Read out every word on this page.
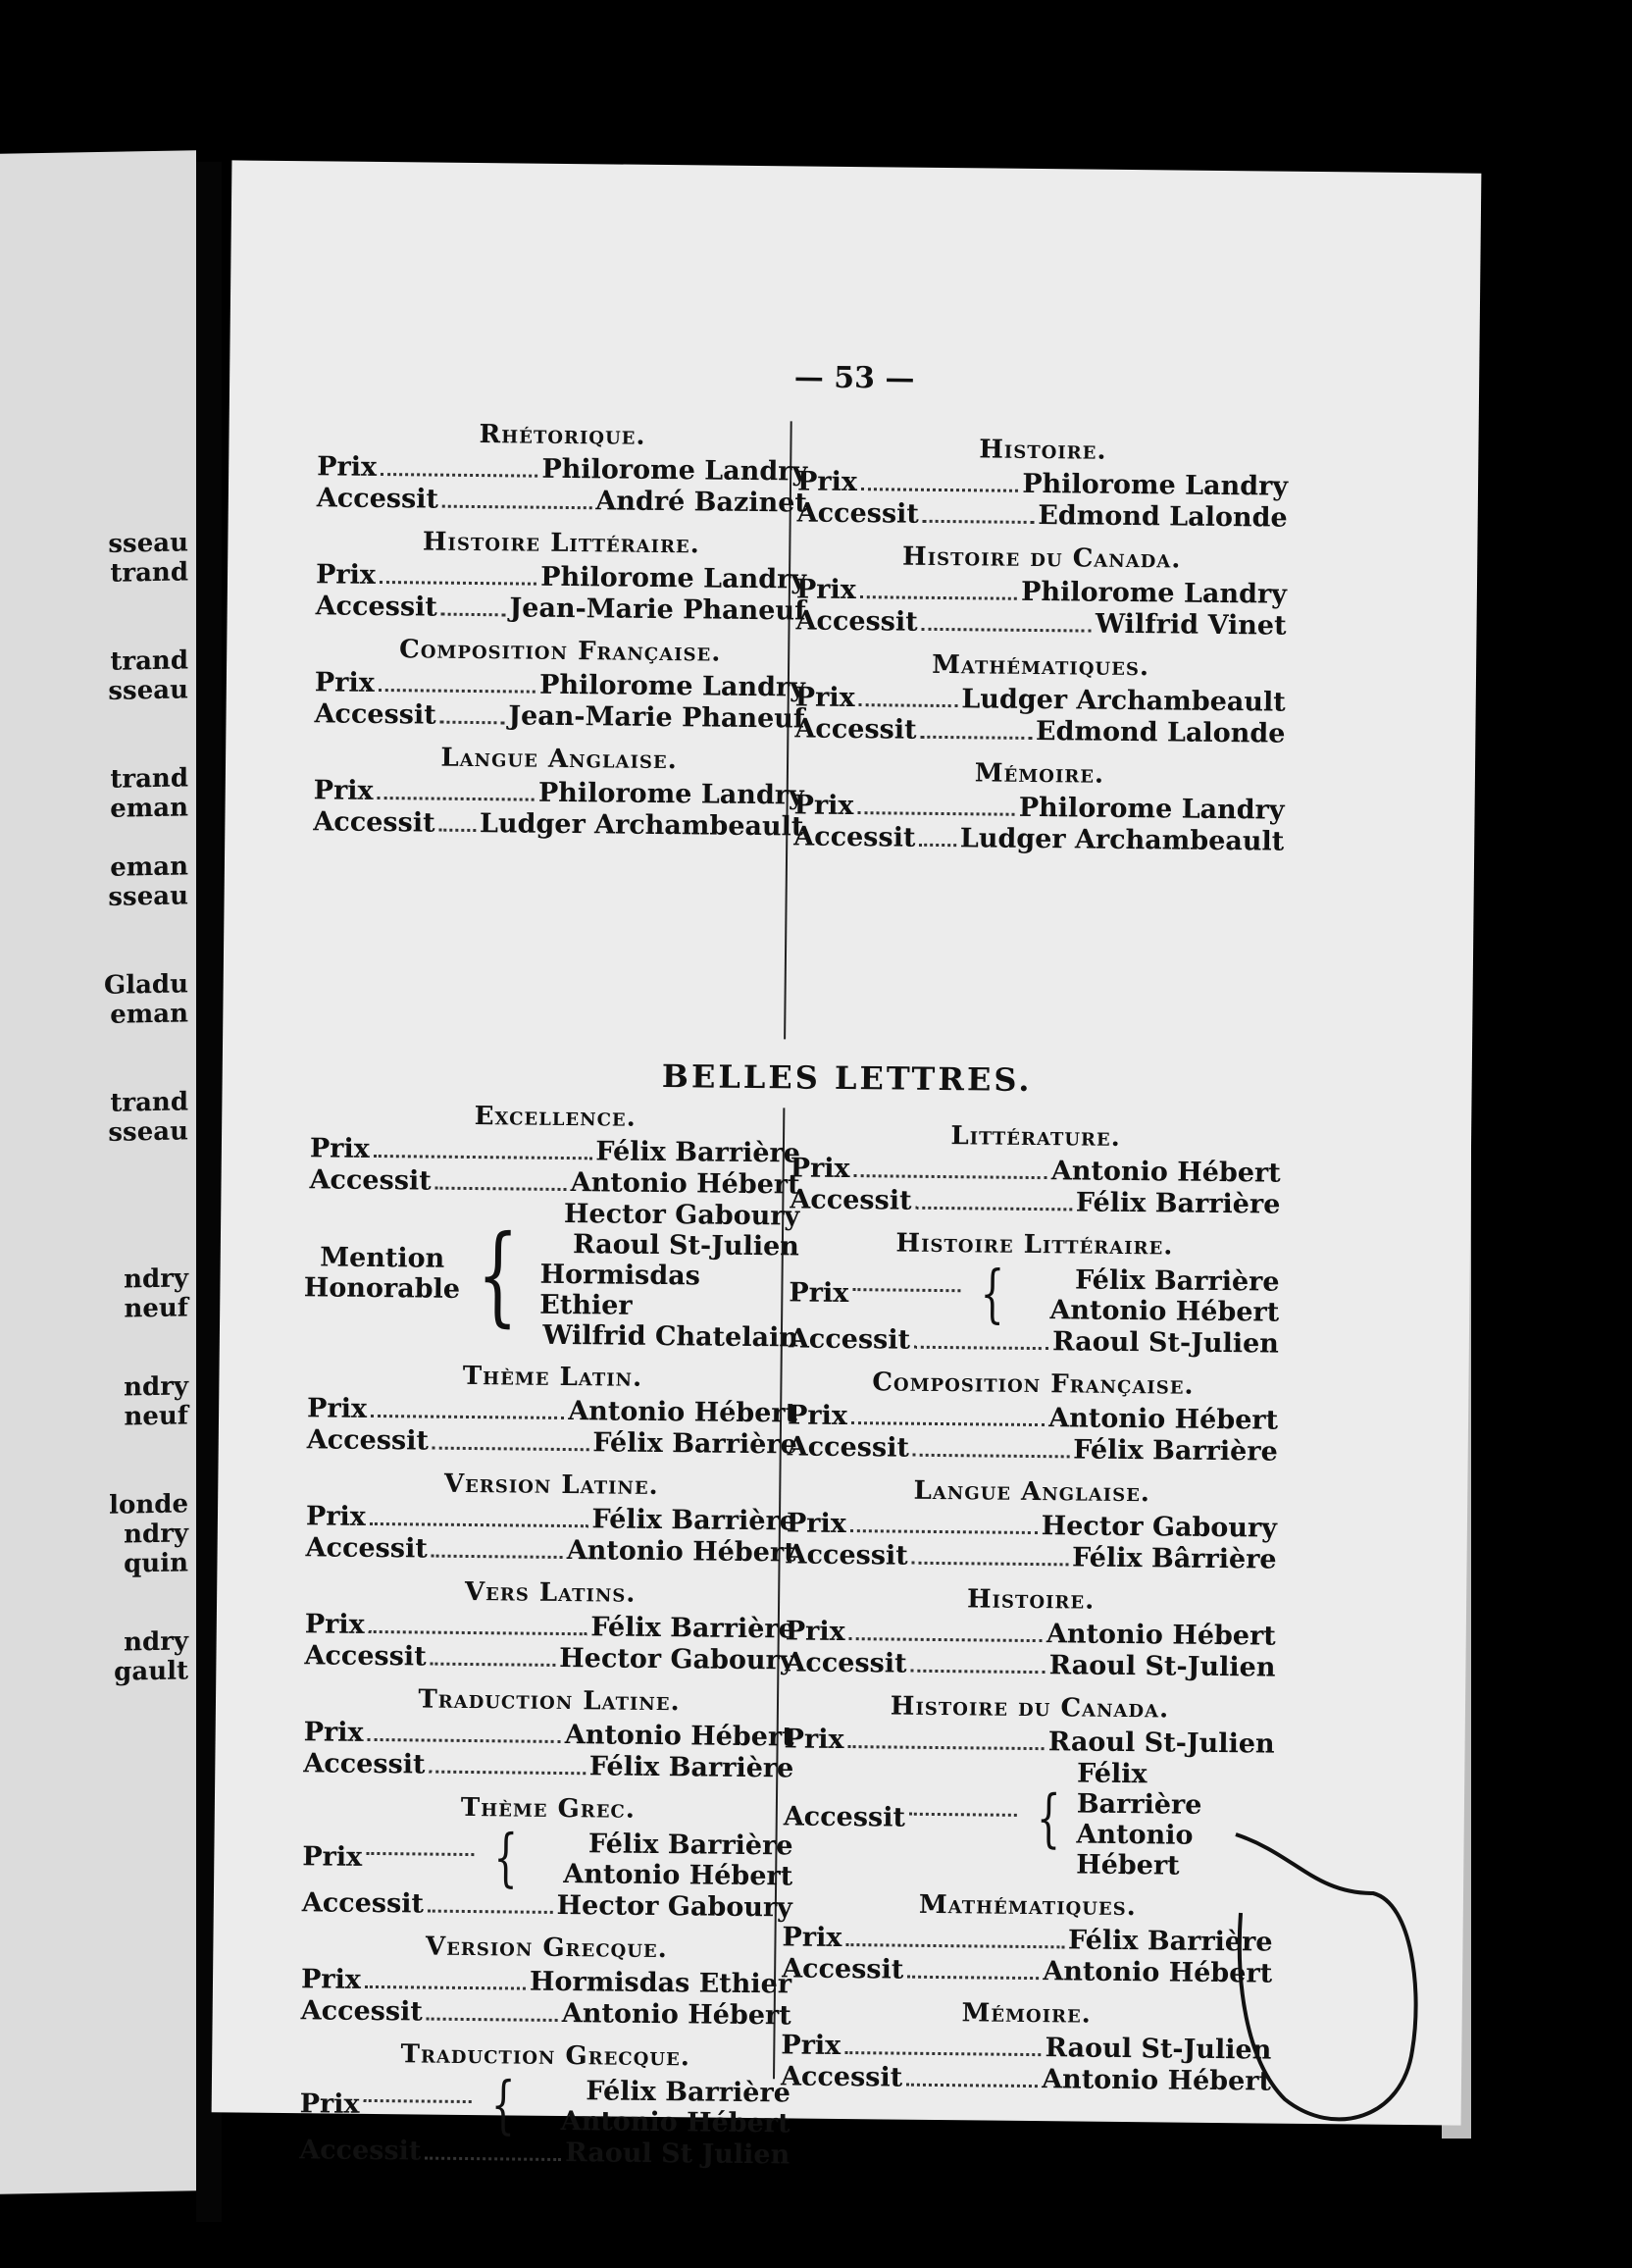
sseau
trand
trand
sseau
trand
eman
eman
sseau
Gladu
eman
trand
sseau
ndry
neuf
ndry
neuf
londe
ndry
quin
ndry
gault
— 53 —
Rhétorique.
Prix	Philorome Landry
Accessit	André Bazinet
Histoire Littéraire.
Prix	Philorome Landry
Accessit	Jean-Marie Phaneuf
Composition Française.
Prix	Philorome Landry
Accessit	Jean-Marie Phaneuf
Langue Anglaise.
Prix	Philorome Landry
Accessit Ludger Archambeault
Histoire.
Prix	Philorome Landry
Accessit	Edmond Lalonde
Histoire du Canada.
Prix	Philorome Landry
Accessit	Wilfrid Vinet
Mathématiques.
Prix	Ludger Archambeault
Accessit	Edmond Lalonde
Mémoire.
Prix	Philorome Landry
Accessit Ludger Archambeault
BELLES LETTRES.
Excellence.
Prix	Félix Barrière
Accessit	Antonio Hébert
Mention
Honorable { Hector Gaboury
Raoul St-Julien
Hormisdas Ethier
Wilfrid Chatelain
Thème Latin.
Prix	Antonio Hébert
Accessit	Félix Barrière
Version Latine.
Prix	Félix Barrière
Accessit	Antonio Hébert
Vers Latins.
Prix	Félix Barrière
Accessit	Hector Gaboury
Traduction Latine.
Prix	Antonio Hébert
Accessit	Félix Barrière
Thème Grec.
Prix {	Félix Barrière
Antonio Hébert
Accessit	Hector Gaboury
Version Grecque.
Prix	Hormisdas Ethier
Accessit	Antonio Hébert
Traduction Grecque.
Prix {	Félix Barrière
Antonio Hébert
Accessit	Raoul St Julien
Littérature.
Prix	Antonio Hébert
Accessit	Félix Barrière
Histoire Littéraire.
Prix {	Félix Barrière
Antonio Hébert
Accessit	Raoul St-Julien
Composition Française.
Prix	Antonio Hébert
Accessit	Félix Barrière
Langue Anglaise.
Prix	Hector Gaboury
Accessit	Félix Bârrière
Histoire.
Prix	Antonio Hébert
Accessit	Raoul St-Julien
Histoire du Canada.
Prix	Raoul St-Julien
Accessit {
Félix Barrière
Antonio Hébert
Mathématiques.
Prix	Félix Barrière
Accessit	Antonio Hébert
Mémoire.
Prix	Raoul St-Julien
Accessit	Antonio Hébert
